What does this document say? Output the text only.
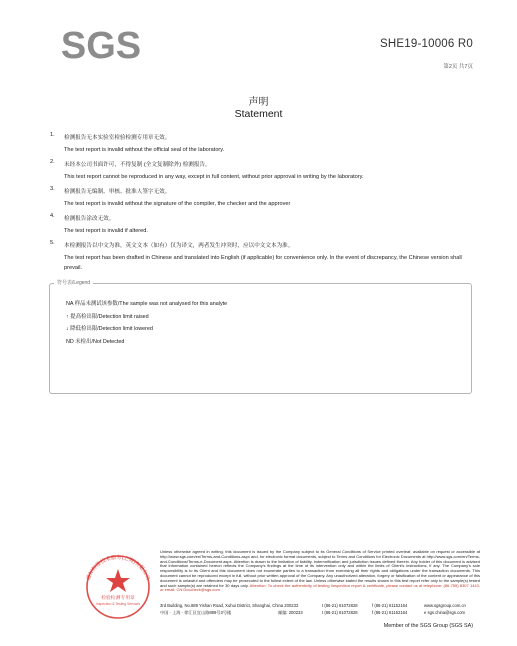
SGS	SHE19-10006 R0
第2页 共7页
声明
Statement
1. 检测报告无本实验室检验检测专用章无效。
The test report is invalid without the official seal of the laboratory.
2. 未经本公司书面许可，不得复制 (全文复制除外) 检测报告。
This test report cannot be reproduced in any way, except in full content, without prior approval in writing by the laboratory.
3. 检测报告无编制、审核、批准人签字无效。
The test report is invalid without the signature of the compiler, the checker and the approver
4. 检测报告涂改无效。
The test report is invalid if altered.
5. 本检测报告以中文为准，英文文本（如有）仅为译文，两者发生冲突时，应以中文文本为准。
The test report has been drafted in Chinese and translated into English (if applicable) for convenience only. In the event of discrepancy, the Chinese version shall prevail.
符号表/Legend
NA 样品未测试该参数/The sample was not analysed for this analyte
↑ 提高检出限/Detection limit raised
↓ 降低检出限/Detection limit lowered
ND 未检出/Not Detected
通标标准技术服务(上海)有限公司
检验检测专用章
Inspection & Testing Services
Unless otherwise agreed in writing, this document is issued by the Company subject to its General Conditions of Service printed overleaf, available on request or accessible at http://www.sgs.com/en/Terms-and-Conditions.aspx and, for electronic format documents, subject to Terms and Conditions for Electronic Documents at http://www.sgs.com/en/Terms-and-Conditions/Terms-e-Document.aspx. Attention is drawn to the limitation of liability, indemnification and jurisdiction issues defined therein. Any holder of this document is advised that information contained hereon reflects the Company's findings at the time of its intervention only and within the limits of Client's instructions, if any. The Company's sole responsibility is to its Client and this document does not exonerate parties to a transaction from exercising all their rights and obligations under the transaction documents. This document cannot be reproduced except in full, without prior written approval of the Company. Any unauthorized alteration, forgery or falsification of the content or appearance of this document is unlawful and offenders may be prosecuted to the fullest extent of the law. Unless otherwise stated the results shown in this test report refer only to the sample(s) tested and such sample(s) are retained for 30 days only. Attention: To check the authenticity of testing /inspection report & certificate, please contact us at telephone: (86-755) 8307 1443, or email: CN.Doccheck@sgs.com
3rd Building, No.889 Yishan Road, Xuhui District, Shanghai, China 200233	t (86-21) 61072828	f (86-21) 61152164	www.sgsgroup.com.cn
中国 · 上海 · 徐汇区宜山路889号3号楼	邮编: 200233	t (86-21) 61072828	f (86-21) 61152164	e sgs.china@sgs.com
Member of the SGS Group (SGS SA)
